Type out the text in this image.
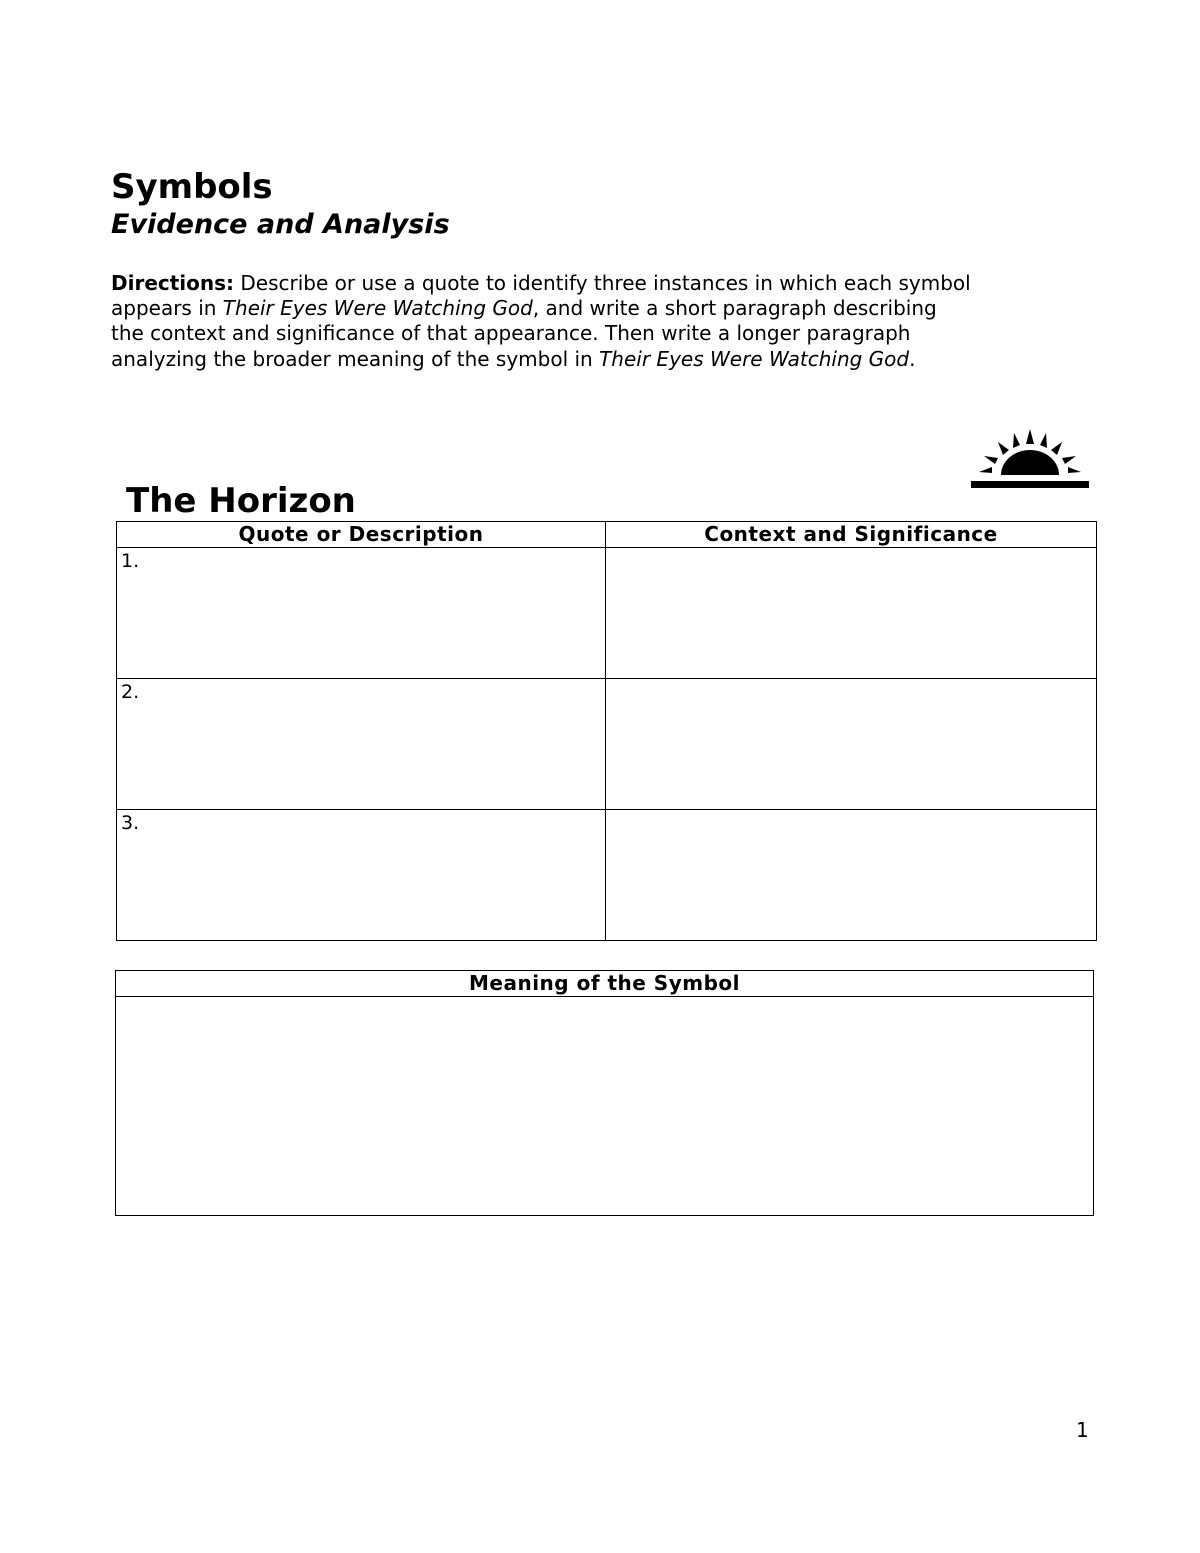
Symbols
Evidence and Analysis

Directions: Describe or use a quote to identify three instances in which each symbol appears in Their Eyes Were Watching God, and write a short paragraph describing the context and significance of that appearance. Then write a longer paragraph analyzing the broader meaning of the symbol in Their Eyes Were Watching God.

The Horizon
Quote or Description	Context and Significance
1.	
2.	
3.	
Meaning of the Symbol

1
